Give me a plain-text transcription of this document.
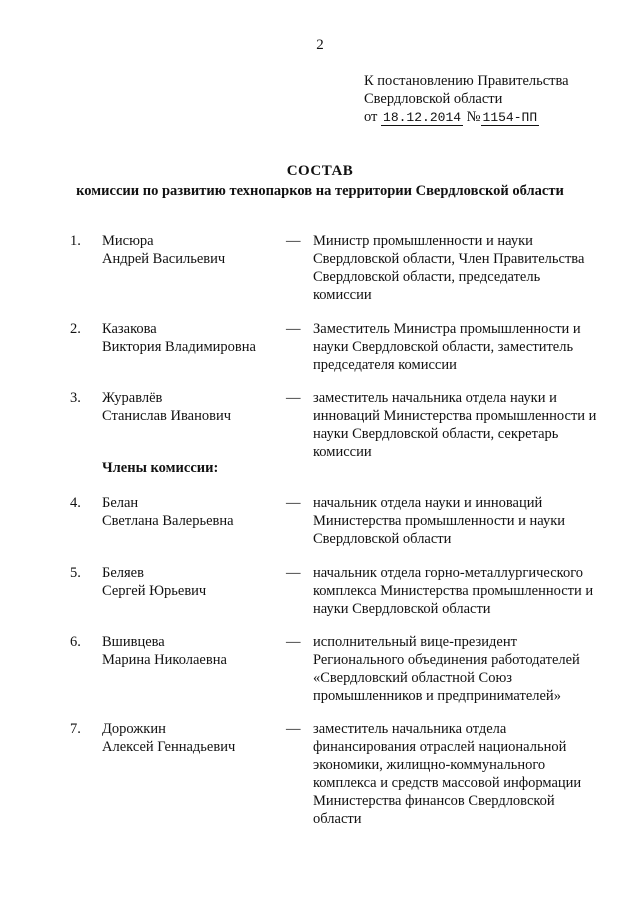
2
К постановлению Правительства
Свердловской области
от 18.12.2014 № 1154-ПП
СОСТАВ
комиссии по развитию технопарков на территории Свердловской области
1. Мисюра
Андрей Васильевич
— Министр промышленности и науки
Свердловской области, Член Правительства
Свердловской области, председатель
комиссии
2. Казакова
Виктория Владимировна
— Заместитель Министра промышленности и
науки Свердловской области, заместитель
председателя комиссии
3. Журавлёв
Станислав Иванович
— заместитель начальника отдела науки и
инноваций Министерства промышленности и
науки Свердловской области, секретарь
комиссии
Члены комиссии:
4. Белан
Светлана Валерьевна
— начальник отдела науки и инноваций
Министерства промышленности и науки
Свердловской области
5. Беляев
Сергей Юрьевич
— начальник отдела горно-металлургического
комплекса Министерства промышленности и
науки Свердловской области
6. Вшивцева
Марина Николаевна
— исполнительный вице-президент
Регионального объединения работодателей
«Свердловский областной Союз
промышленников и предпринимателей»
7. Дорожкин
Алексей Геннадьевич
— заместитель начальника отдела
финансирования отраслей национальной
экономики, жилищно-коммунального
комплекса и средств массовой информации
Министерства финансов Свердловской
области
